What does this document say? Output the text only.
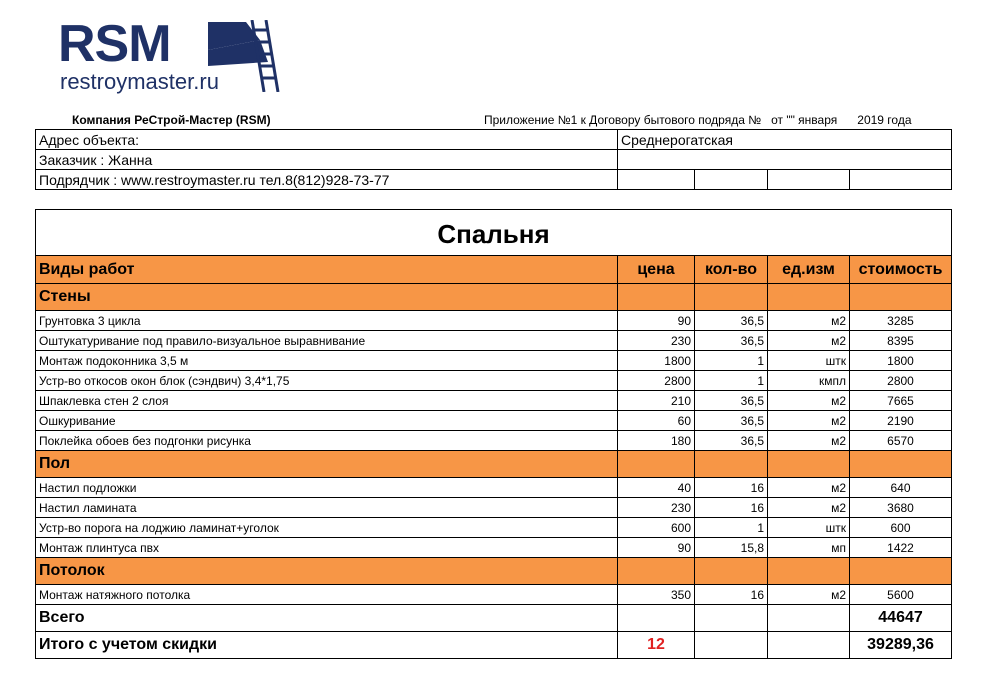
RSM
restroymaster.ru
Компания РеСтрой-Мастер (RSM)	Приложение №1 к Договору бытового подряда №   от "" января      2019 года
Адрес объекта:	Среднерогатская			
Заказчик : Жанна				
Подрядчик : www.restroymaster.ru тел.8(812)928-73-77				
Спальня				
Виды работ	цена	кол-во	ед.изм	стоимость
Стены				
Грунтовка 3 цикла	90	36,5	м2	3285
Оштукатуривание под правило-визуальное выравнивание	230	36,5	м2	8395
Монтаж подоконника 3,5 м	1800	1	штк	1800
Устр-во откосов окон блок (сэндвич) 3,4*1,75	2800	1	кмпл	2800
Шпаклевка стен 2 слоя	210	36,5	м2	7665
Ошкуривание	60	36,5	м2	2190
Поклейка обоев без подгонки рисунка	180	36,5	м2	6570
Пол				
Настил подложки	40	16	м2	640
Настил ламината	230	16	м2	3680
Устр-во порога на лоджию ламинат+уголок	600	1	штк	600
Монтаж плинтуса пвх	90	15,8	мп	1422
Потолок				
Монтаж натяжного потолка	350	16	м2	5600
Всего				44647
Итого с учетом скидки	12			39289,36
